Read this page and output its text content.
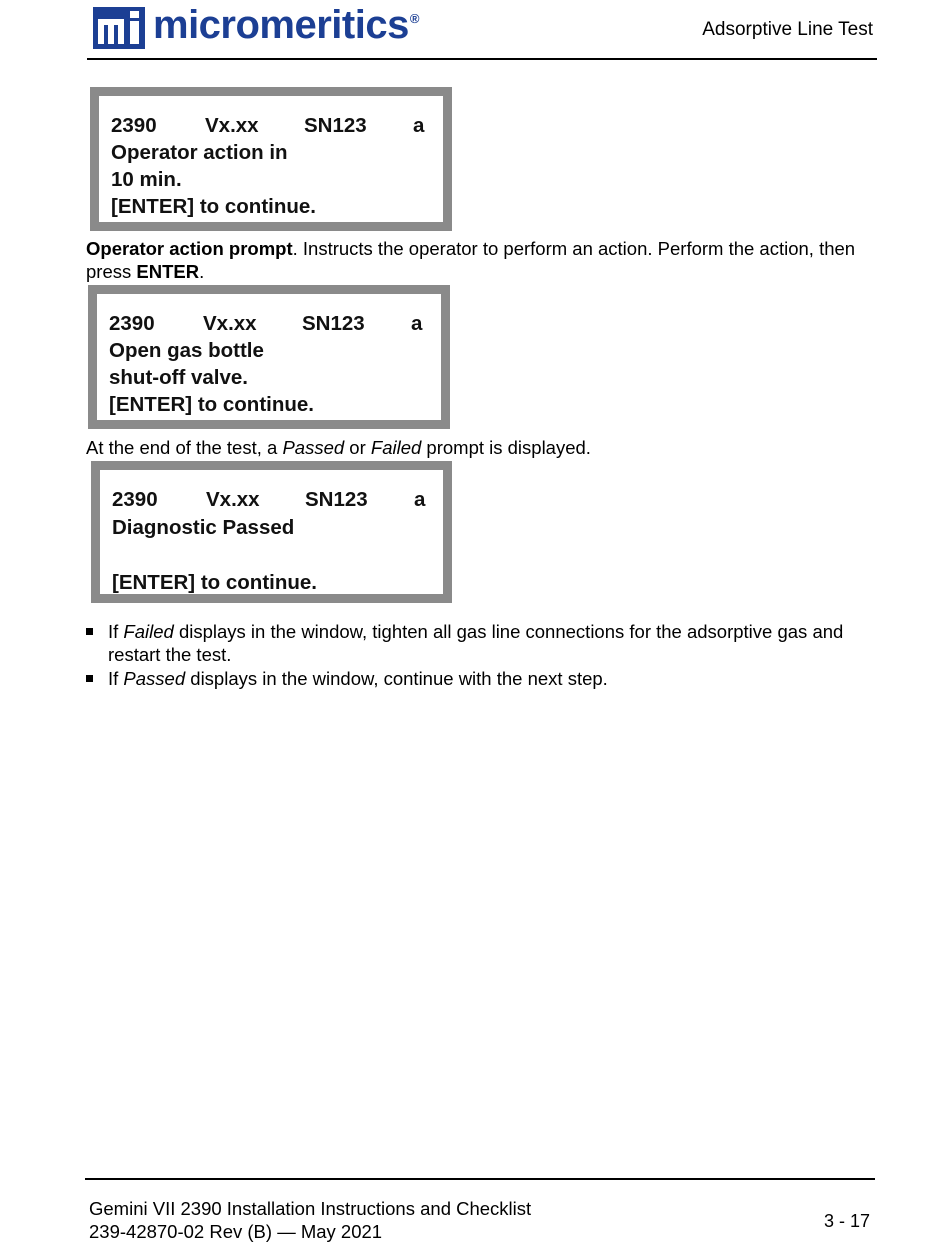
micromeritics®
Adsorptive Line Test
2390 Vx.xx SN123 a
Operator action in
10 min.
[ENTER] to continue.
Operator action prompt. Instructs the operator to perform an action. Perform the action, then press ENTER.
2390 Vx.xx SN123 a
Open gas bottle
shut-off valve.
[ENTER] to continue.
At the end of the test, a Passed or Failed prompt is displayed.
2390 Vx.xx SN123 a
Diagnostic Passed
[ENTER] to continue.
If Failed displays in the window, tighten all gas line connections for the adsorptive gas and restart the test.
If Passed displays in the window, continue with the next step.
Gemini VII 2390 Installation Instructions and Checklist
239-42870-02 Rev (B) — May 2021	3 - 17
